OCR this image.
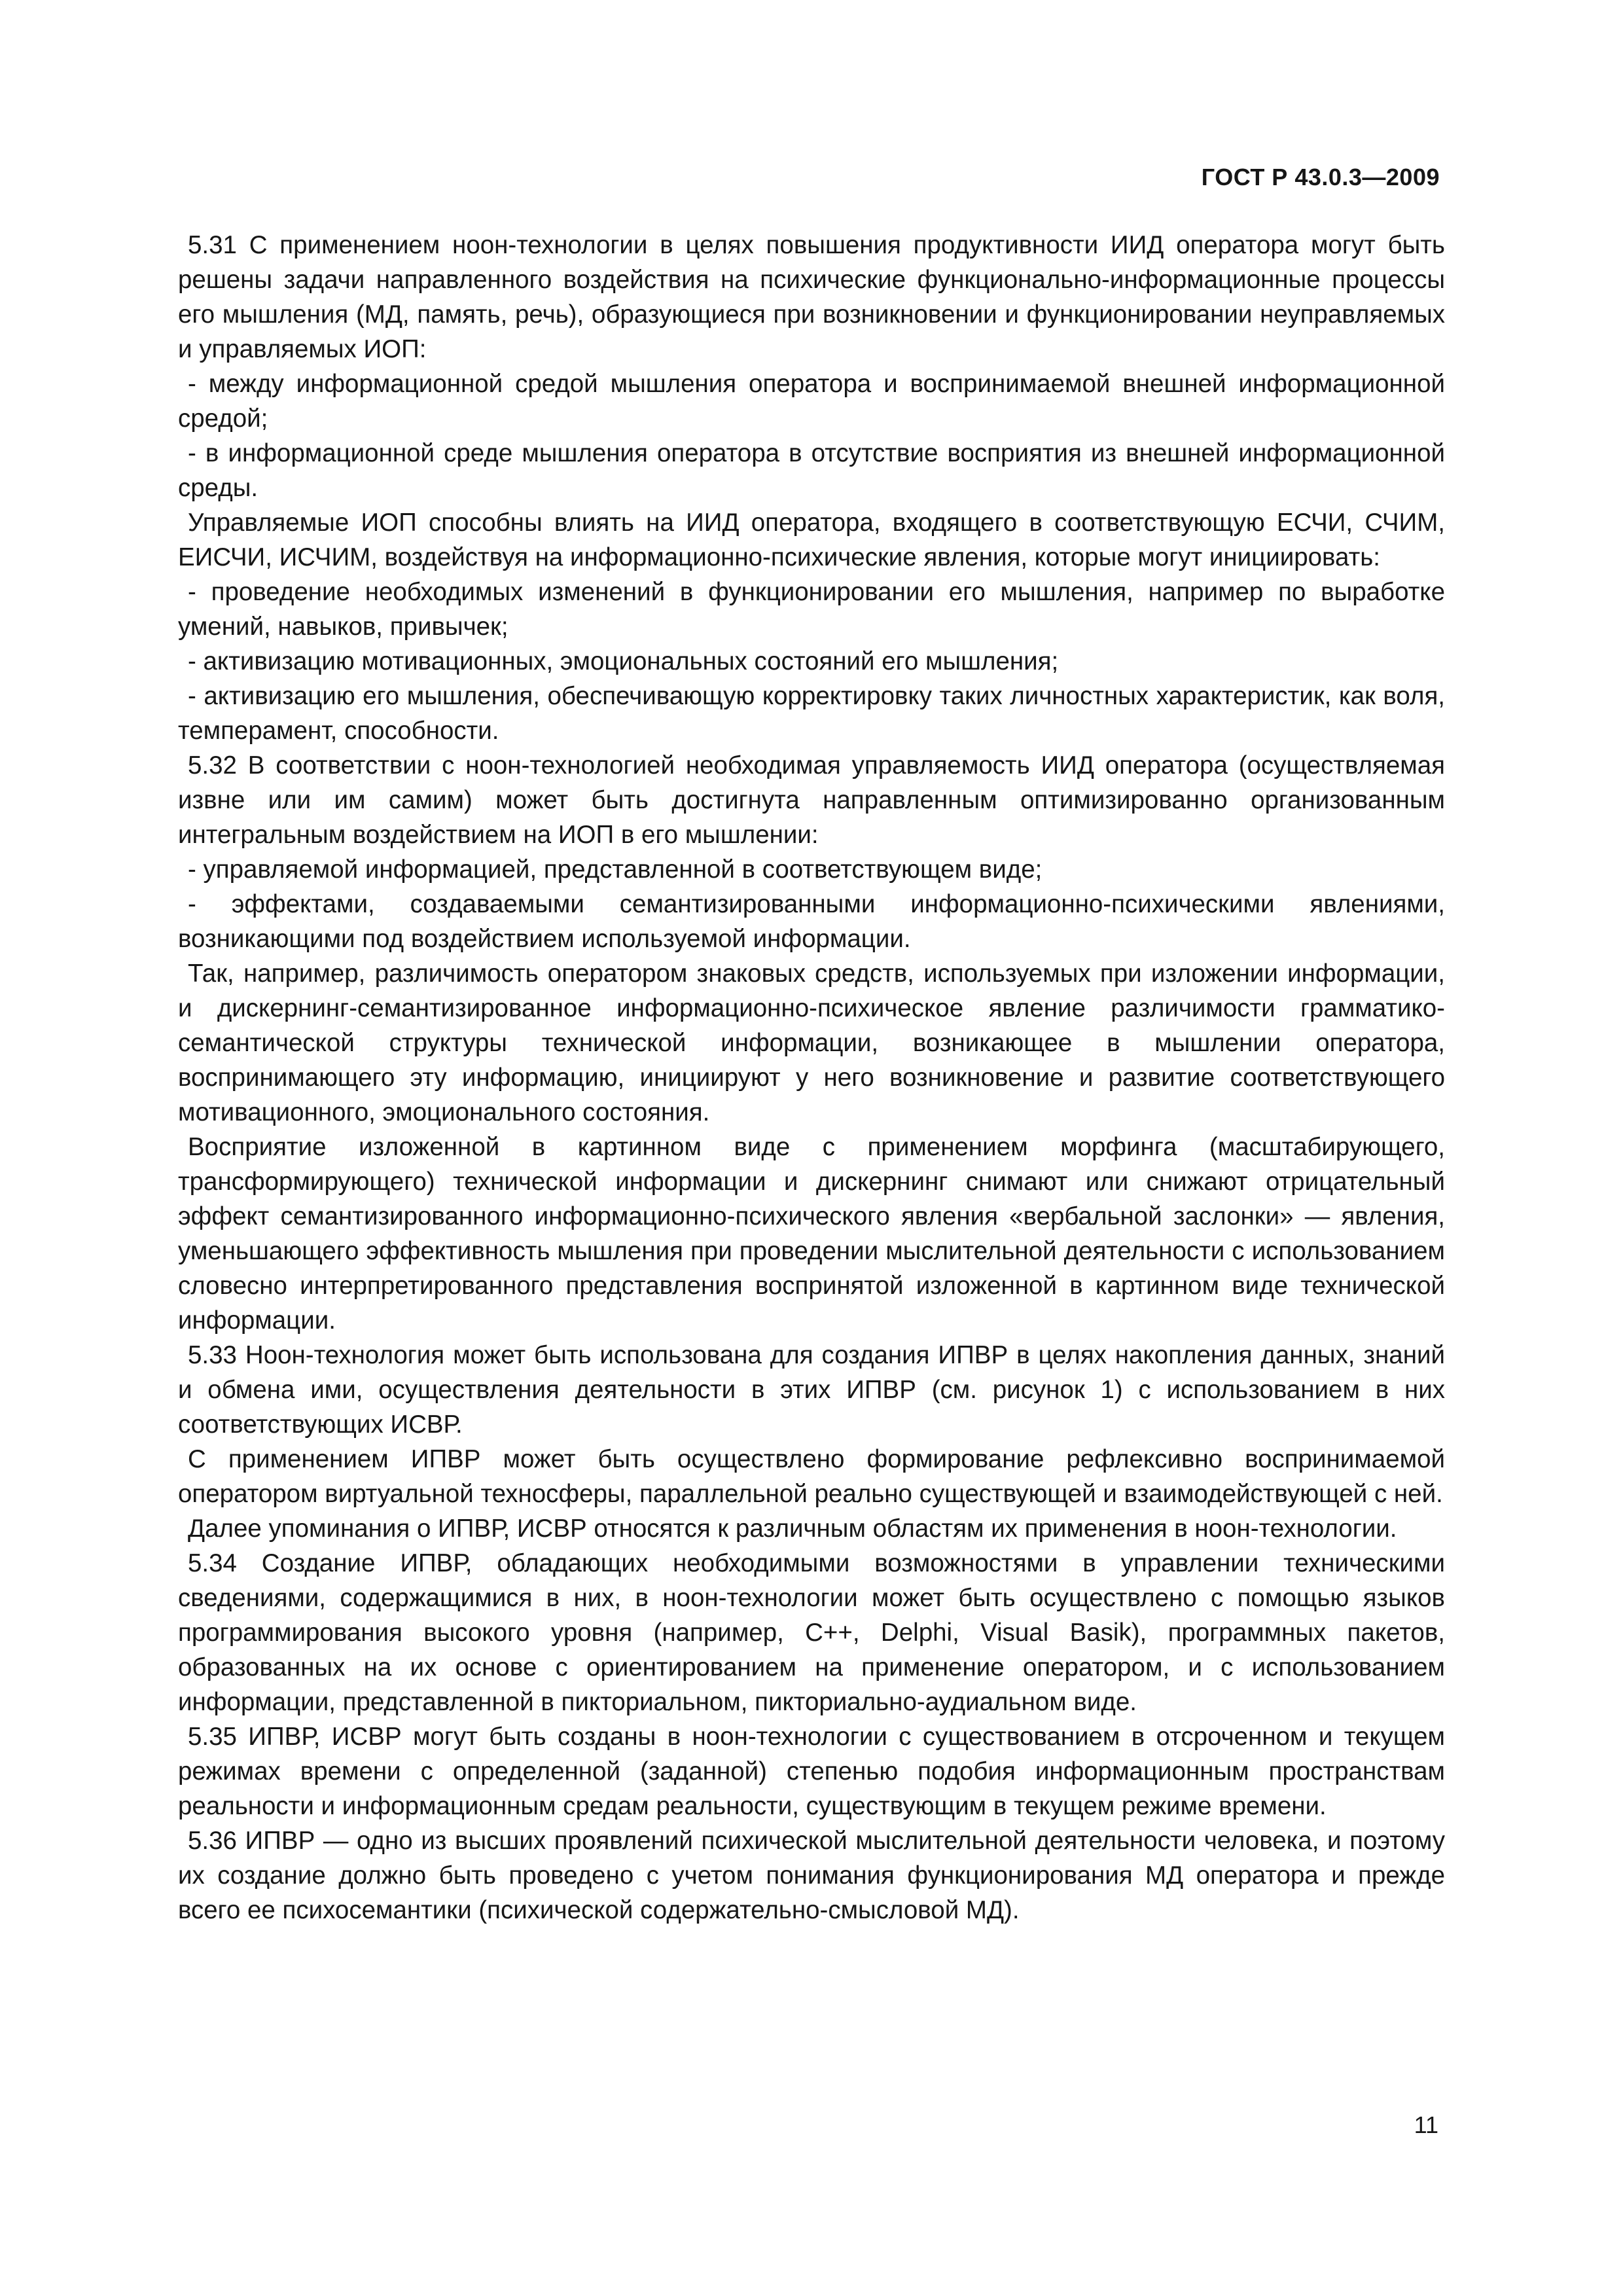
ГОСТ Р 43.0.3—2009

5.31 С применением ноон-технологии в целях повышения продуктивности ИИД оператора могут быть решены задачи направленного воздействия на психические функционально-информационные процессы его мышления (МД, память, речь), образующиеся при возникновении и функционировании неуправляемых и управляемых ИОП:

- между информационной средой мышления оператора и воспринимаемой внешней информационной средой;

- в информационной среде мышления оператора в отсутствие восприятия из внешней информационной среды.

Управляемые ИОП способны влиять на ИИД оператора, входящего в соответствующую ЕСЧИ, СЧИМ, ЕИСЧИ, ИСЧИМ, воздействуя на информационно-психические явления, которые могут инициировать:

- проведение необходимых изменений в функционировании его мышления, например по выработке умений, навыков, привычек;

- активизацию мотивационных, эмоциональных состояний его мышления;

- активизацию его мышления, обеспечивающую корректировку таких личностных характеристик, как воля, темперамент, способности.

5.32 В соответствии с ноон-технологией необходимая управляемость ИИД оператора (осуществляемая извне или им самим) может быть достигнута направленным оптимизированно организованным интегральным воздействием на ИОП в его мышлении:

- управляемой информацией, представленной в соответствующем виде;

- эффектами, создаваемыми семантизированными информационно-психическими явлениями, возникающими под воздействием используемой информации.

Так, например, различимость оператором знаковых средств, используемых при изложении информации, и дискернинг-семантизированное информационно-психическое явление различимости грамматико-семантической структуры технической информации, возникающее в мышлении оператора, воспринимающего эту информацию, инициируют у него возникновение и развитие соответствующего мотивационного, эмоционального состояния.

Восприятие изложенной в картинном виде с применением морфинга (масштабирующего, трансформирующего) технической информации и дискернинг снимают или снижают отрицательный эффект семантизированного информационно-психического явления «вербальной заслонки» — явления, уменьшающего эффективность мышления при проведении мыслительной деятельности с использованием словесно интерпретированного представления воспринятой изложенной в картинном виде технической информации.

5.33 Ноон-технология может быть использована для создания ИПВР в целях накопления данных, знаний и обмена ими, осуществления деятельности в этих ИПВР (см. рисунок 1) с использованием в них соответствующих ИСВР.

С применением ИПВР может быть осуществлено формирование рефлексивно воспринимаемой оператором виртуальной техносферы, параллельной реально существующей и взаимодействующей с ней.

Далее упоминания о ИПВР, ИСВР относятся к различным областям их применения в ноон-технологии.

5.34 Создание ИПВР, обладающих необходимыми возможностями в управлении техническими сведениями, содержащимися в них, в ноон-технологии может быть осуществлено с помощью языков программирования высокого уровня (например, С++, Delphi, Visual Basik), программных пакетов, образованных на их основе с ориентированием на применение оператором, и с использованием информации, представленной в пикториальном, пикториально-аудиальном виде.

5.35 ИПВР, ИСВР могут быть созданы в ноон-технологии с существованием в отсроченном и текущем режимах времени с определенной (заданной) степенью подобия информационным пространствам реальности и информационным средам реальности, существующим в текущем режиме времени.

5.36 ИПВР — одно из высших проявлений психической мыслительной деятельности человека, и поэтому их создание должно быть проведено с учетом понимания функционирования МД оператора и прежде всего ее психосемантики (психической содержательно-смысловой МД).

11
